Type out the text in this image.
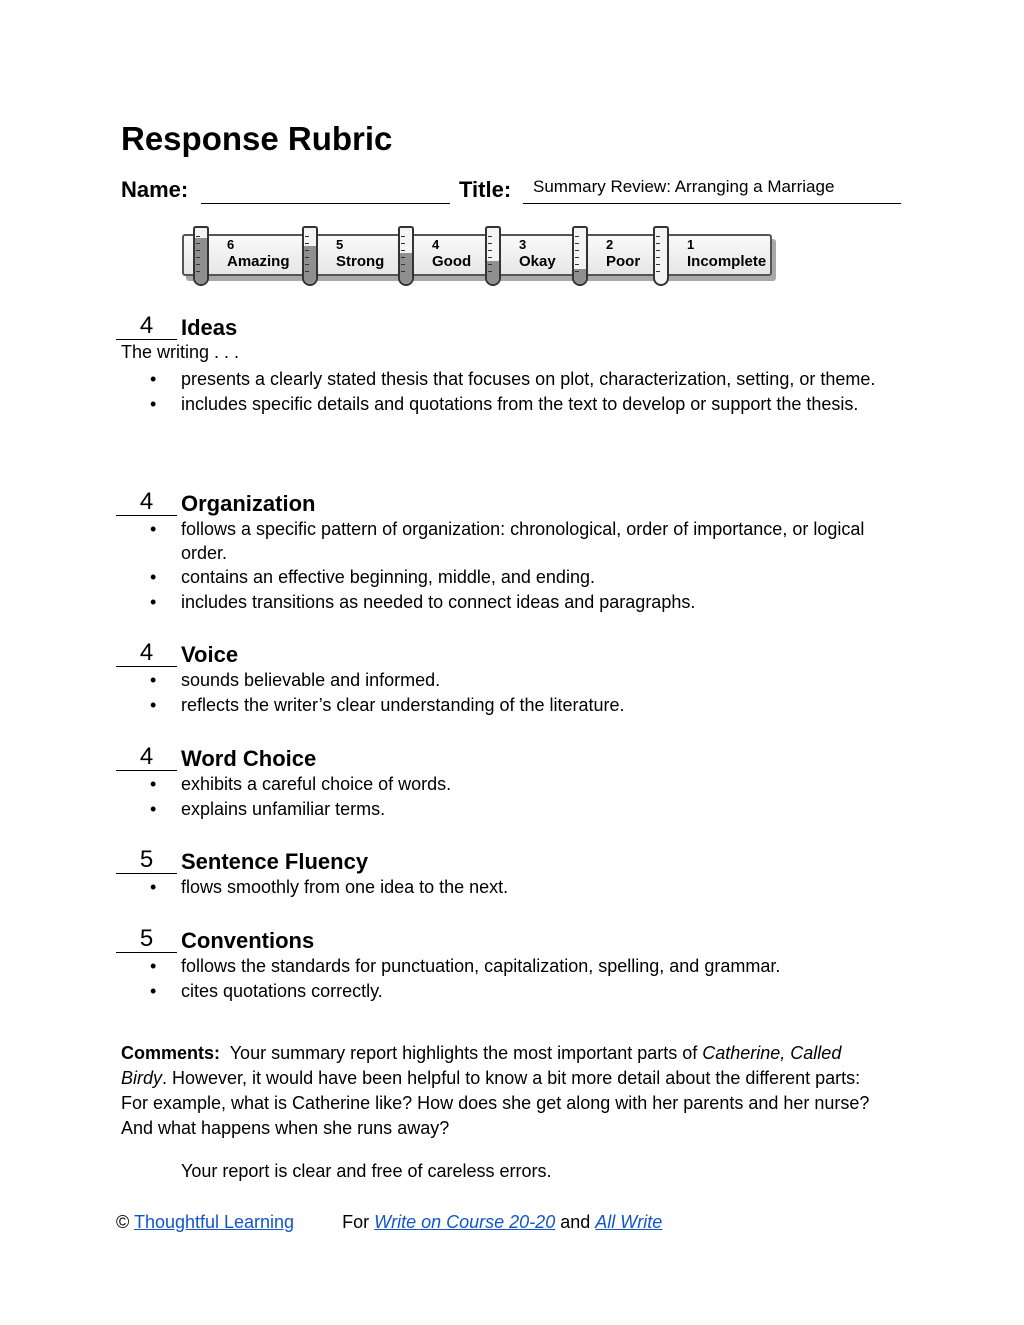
Response Rubric
Name:	Title: Summary Review: Arranging a Marriage
6
Amazing
5
Strong
4
Good
3
Okay
2
Poor
1
Incomplete
4	Ideas
The writing . . .
• presents a clearly stated thesis that focuses on plot, characterization, setting, or theme.
• includes specific details and quotations from the text to develop or support the thesis.
4	Organization
• follows a specific pattern of organization: chronological, order of importance, or logical order.
• contains an effective beginning, middle, and ending.
• includes transitions as needed to connect ideas and paragraphs.
4	Voice
• sounds believable and informed.
• reflects the writer’s clear understanding of the literature.
4	Word Choice
• exhibits a careful choice of words.
• explains unfamiliar terms.
5	Sentence Fluency
• flows smoothly from one idea to the next.
5	Conventions
• follows the standards for punctuation, capitalization, spelling, and grammar.
• cites quotations correctly.

Comments: Your summary report highlights the most important parts of Catherine, Called Birdy. However, it would have been helpful to know a bit more detail about the different parts: For example, what is Catherine like? How does she get along with her parents and her nurse? And what happens when she runs away?

Your report is clear and free of careless errors.

© Thoughtful Learning	For Write on Course 20-20 and All Write
